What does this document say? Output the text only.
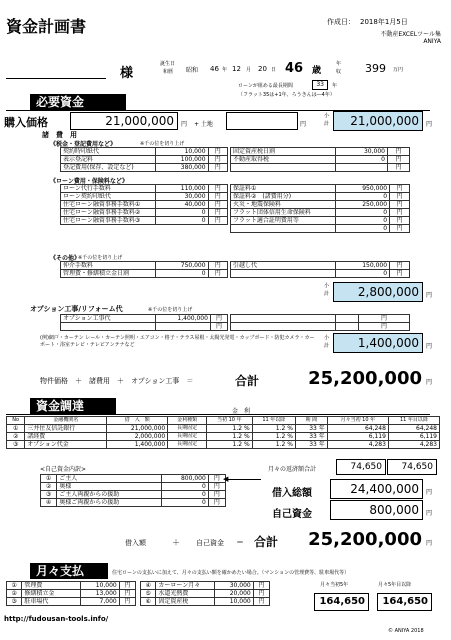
資金計画書	作成日： 2018年1月5日
不動産EXCELツール集
ANIYA
様
誕生日
和暦 昭和 46 年 12 月 20 日 46 歳
年
収 399 万円
ローンが組める最長期間	33	年
（フラット35は+1年、ろうきんは―4年）
必要資金
購入価格	21,000,000	円 + 土地	円
小
計	21,000,000	円
諸　費　用
《税金・登記費用など》	※千の位を切り上げ
契約時印紙代	10,000	円
表示登記料	100,000	円
登記費用(保存、設定など)	380,000	円
固定資産税日割	30,000	円
不動産取得税	0	円
		円
《ローン費用・保険料など》
ローン代行手数料	110,000	円
ローン契約印紙代	30,000	円
住宅ローン融資事務手数料①	40,000	円
住宅ローン融資事務手数料②	0	円
住宅ローン融資事務手数料③	0	円
保証料①	950,000	円
保証料②　(諸費用分)	0	円
火災・地震保険料	250,000	円
フラット団体信用生命保険料	0	円
フラット適合証明費用等	0	円
	0	円
《その他》
※千の位を切り上げ
仲介手数料	750,000	円
管理費・修繕積立金日割	0	円
引越し代	150,000	円
	0	円
小
計	2,800,000	円
オプション工事/リフォーム代	※千の位を切り上げ
オプション工事代	1,400,000	円
		円
		円
		円
(例)網戸・カーテン レール・カーテン照明・エアコン・格子・テラス屋根・太陽光発電・カップボード・防犯カメラ・カーポート・浴室テレビ・テレビアンテナなど
小
計	1,400,000	円
物件価格　＋　諸費用　＋　オプション工事　＝	合計	25,200,000 円
資金調達	金　利
No	金融機関名	借　入　額	金利種類	当初 10 年	11 年以降	期 間	月々当初 10 年	11 年目以降
①	三井住友信託銀行	21,000,000	長期固定	1.2 %	1.2 %	33 年	64,248	64,248
②	諸経費	2,000,000	長期固定	1.2 %	1.2 %	33 年	6,119	6,119
③	オプション代金	1,400,000	長期固定	1.2 %	1.2 %	33 年	4,283	4,283
<自己資金内訳>
①	ご主人	800,000	円
②	奥様	0	円
③	ご主人両親からの援助	0	円
④	奥様ご両親からの援助	0	円
◀
月々の返済額合計	74,650	74,650
借入総額	24,400,000	円
自己資金	800,000	円
借入額	＋ 自己資金 ＝ 合計 25,200,000 円
月々支払	住宅ローンの支払いに加えて、月々の支払い額を確かめたい場合。（マンションの管理費等、駐車場代等）
①	管理費	10,000	円
②	修繕積立金	13,000	円
③	駐車場代	7,000	円
④	カーローン月々	30,000	円
⑤	水道光熱費	20,000	円
⑥	固定資産税	10,000	円
月々当初5年	月々5年目以降
164,650	164,650
http://fudousan-tools.info/
© ANIYA 2018
